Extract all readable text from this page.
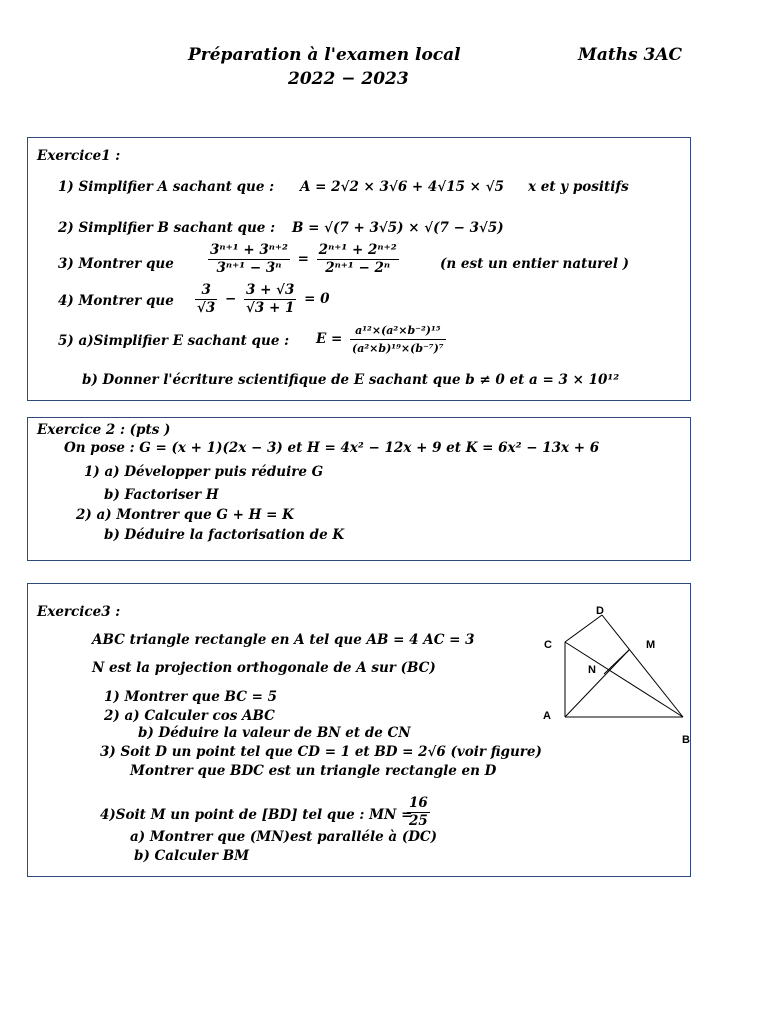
Préparation à l'examen local	Maths 3AC
2022 − 2023
Exercice1 :
1) Simplifier A sachant que : A = 2√2 × 3√6 + 4√15 × √5 x et y positifs
2) Simplifier B sachant que : B = √(7 + 3√5) × √(7 − 3√5)
3) Montrer que	$\frac{\text{3ⁿ⁺¹ + 3ⁿ⁺²}}{\text{3ⁿ⁺¹ − 3ⁿ}} = \frac{\text{2ⁿ⁺¹ + 2ⁿ⁺²}}{\text{2ⁿ⁺¹ − 2ⁿ}}$	(n est un entier naturel )
4) Montrer que $\frac{3}{√3} - \frac{3 + √3}{√3 + 1} = 0$
5) a)Simplifier E sachant que : $E = \frac{\text{a¹²×(a²×b⁻²)¹⁵}}{\text{(a²×b)¹⁹×(b⁻⁷)⁷}}$
b) Donner l'écriture scientifique de E sachant que b ≠ 0 et a = 3 × 10¹²
Exercice 2 : (pts )
On pose : G = (x + 1)(2x − 3) et H = 4x² − 12x + 9 et K = 6x² − 13x + 6
1) a) Développer puis réduire G
b) Factoriser H
2) a) Montrer que G + H = K
b) Déduire la factorisation de K
Exercice3 :
ABC triangle rectangle en A tel que AB = 4 AC = 3
N est la projection orthogonale de A sur (BC)
1) Montrer que BC = 5
2) a) Calculer cos ABC
b) Déduire la valeur de BN et de CN
3) Soit D un point tel que CD = 1 et BD = 2√6 (voir figure)
Montrer que BDC est un triangle rectangle en D
4)Soit M un point de [BD] tel que : MN =
$\frac{16}{25}$
a) Montrer que (MN)est paralléle à (DC)
b) Calculer BM
D
C	M
N
A
B
